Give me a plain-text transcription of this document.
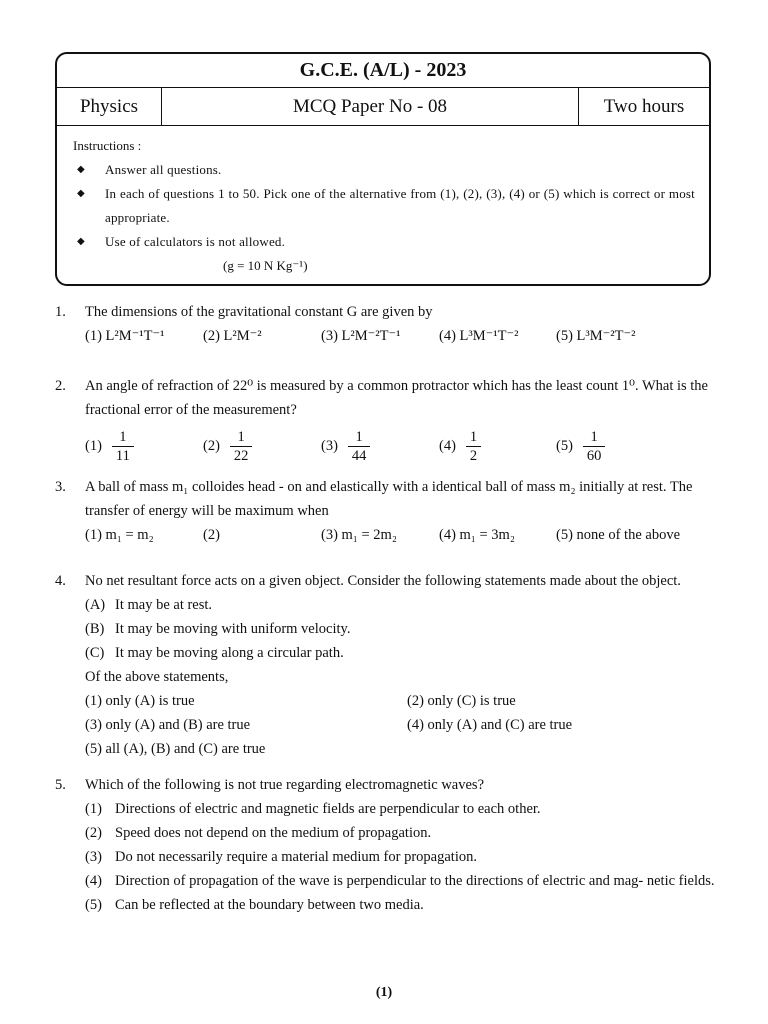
G.C.E. (A/L) - 2023
Physics	MCQ Paper No - 08	Two hours
Instructions :
◆ Answer all questions.
◆ In each of questions 1 to 50. Pick one of the alternative from (1), (2), (3), (4) or (5) which is correct or most appropriate.
◆ Use of calculators is not allowed.
(g = 10 N Kg⁻¹)
1. The dimensions of the gravitational constant G are given by
(1) L²M⁻¹T⁻¹	(2) L²M⁻²	(3) L²M⁻²T⁻¹	(4) L³M⁻¹T⁻²	(5) L³M⁻²T⁻²
2. An angle of refraction of 22⁰ is measured by a common protractor which has the least count 1⁰. What is the fractional error of the measurement?
$(1) \frac{1}{11}$	$(2) \frac{1}{22}$	$(3) \frac{1}{44}$	$(4) \frac{1}{2}$	$(5) \frac{1}{60}$
3. A ball of mass m₁ colloides head - on and elastically with a identical ball of mass m₂ initially at rest. The transfer of energy will be maximum when
(1) m₁ = m₂	(2)	(3) m₁ = 2m₂	(4) m₁ = 3m₂	(5) none of the above
4. No net resultant force acts on a given object. Consider the following statements made about the object.
(A) It may be at rest.
(B) It may be moving with uniform velocity.
(C) It may be moving along a circular path.
Of the above statements,
(1) only (A) is true	(2) only (C) is true
(3) only (A) and (B) are true	(4) only (A) and (C) are true
(5) all (A), (B) and (C) are true
5. Which of the following is not true regarding electromagnetic waves?
(1) Directions of electric and magnetic fields are perpendicular to each other.
(2) Speed does not depend on the medium of propagation.
(3) Do not necessarily require a material medium for propagation.
(4) Direction of propagation of the wave is perpendicular to the directions of electric and mag- netic fields.
(5) Can be reflected at the boundary between two media.
(1)
